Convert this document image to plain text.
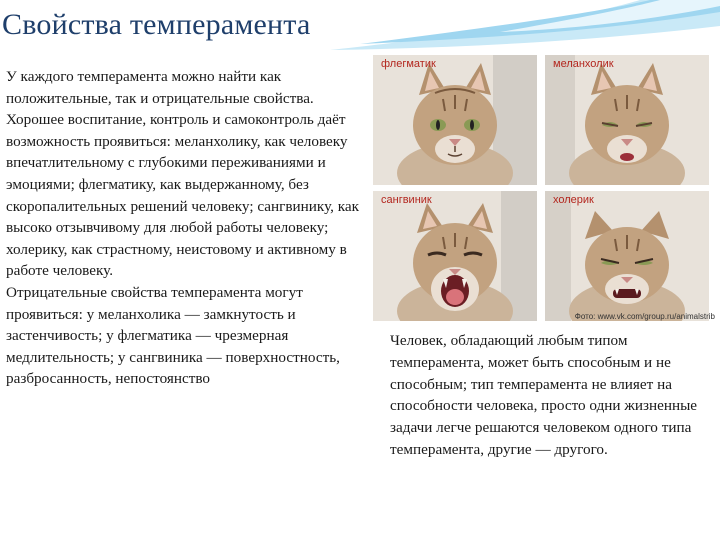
Свойства темперамента

У каждого темперамента можно найти как положительные, так и отрицательные свойства. Хорошее воспитание, контроль и самоконтроль даёт возможность проявиться: меланхолику, как человеку впечатлительному с глубокими переживаниями и эмоциями; флегматику, как выдержанному, без скоропалительных решений человеку; сангвинику, как высоко отзывчивому для любой работы человеку; холерику, как страстному, неистовому и активному в работе человеку.

Отрицательные свойства темперамента могут проявиться: у меланхолика — замкнутость и застенчивость; у флегматика — чрезмерная медлительность; у сангвиника — поверхностность, разбросанность, непостоянство

флегматик	меланхолик
сангвиник	холерик
Фото: www.vk.com/group.ru/animalstrib

Человек, обладающий любым типом темперамента, может быть способным и не способным; тип темперамента не влияет на способности человека, просто одни жизненные задачи легче решаются человеком одного типа темперамента, другие — другого.
